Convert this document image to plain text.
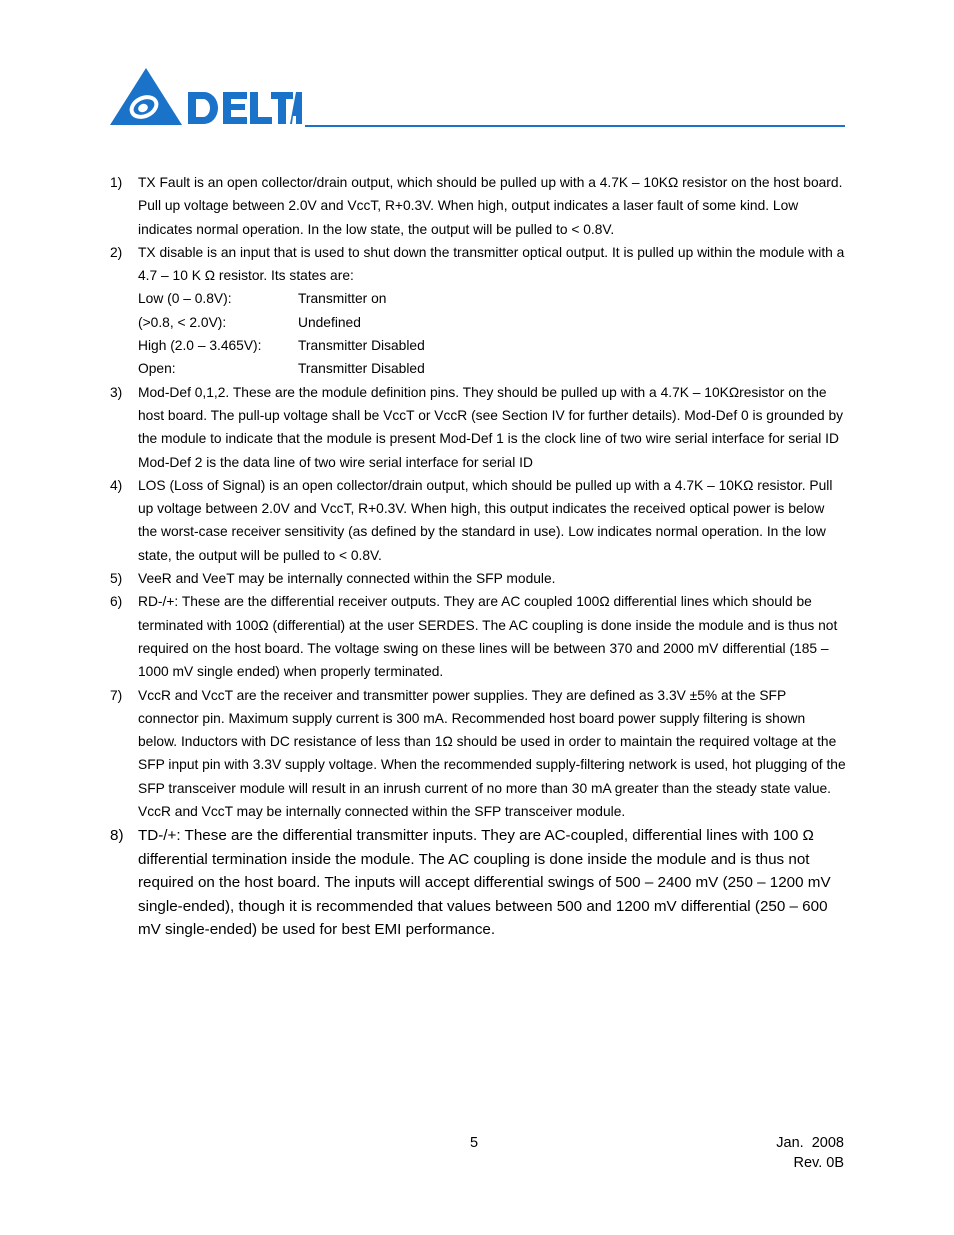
1)	TX Fault is an open collector/drain output, which should be pulled up with a 4.7K – 10KΩ resistor on the host board. Pull up voltage between 2.0V and VccT, R+0.3V. When high, output indicates a laser fault of some kind. Low indicates normal operation. In the low state, the output will be pulled to < 0.8V.
2)	TX disable is an input that is used to shut down the transmitter optical output. It is pulled up within the module with a 4.7 – 10 K Ω resistor. Its states are:
Low (0 – 0.8V):	Transmitter on
(>0.8, < 2.0V):	Undefined
High (2.0 – 3.465V):	Transmitter Disabled
Open:	Transmitter Disabled
3)	Mod-Def 0,1,2. These are the module definition pins. They should be pulled up with a 4.7K – 10KΩresistor on the host board. The pull-up voltage shall be VccT or VccR (see Section IV for further details). Mod-Def 0 is grounded by the module to indicate that the module is present Mod-Def 1 is the clock line of two wire serial interface for serial ID Mod-Def 2 is the data line of two wire serial interface for serial ID
4)	LOS (Loss of Signal) is an open collector/drain output, which should be pulled up with a 4.7K – 10KΩ resistor. Pull up voltage between 2.0V and VccT, R+0.3V. When high, this output indicates the received optical power is below the worst-case receiver sensitivity (as defined by the standard in use). Low indicates normal operation. In the low state, the output will be pulled to < 0.8V.
5)	VeeR and VeeT may be internally connected within the SFP module.
6)	RD-/+: These are the differential receiver outputs. They are AC coupled 100Ω differential lines which should be terminated with 100Ω (differential) at the user SERDES. The AC coupling is done inside the module and is thus not required on the host board. The voltage swing on these lines will be between 370 and 2000 mV differential (185 – 1000 mV single ended) when properly terminated.
7)	VccR and VccT are the receiver and transmitter power supplies. They are defined as 3.3V ±5% at the SFP connector pin. Maximum supply current is 300 mA. Recommended host board power supply filtering is shown below. Inductors with DC resistance of less than 1Ω should be used in order to maintain the required voltage at the SFP input pin with 3.3V supply voltage. When the recommended supply-filtering network is used, hot plugging of the SFP transceiver module will result in an inrush current of no more than 30 mA greater than the steady state value. VccR and VccT may be internally connected within the SFP transceiver module.
8) TD-/+: These are the differential transmitter inputs. They are AC-coupled, differential lines with 100 Ω differential termination inside the module. The AC coupling is done inside the module and is thus not required on the host board. The inputs will accept differential swings of 500 – 2400 mV (250 – 1200 mV single-ended), though it is recommended that values between 500 and 1200 mV differential (250 – 600 mV single-ended) be used for best EMI performance.
5	Jan.  2008
Rev. 0B
